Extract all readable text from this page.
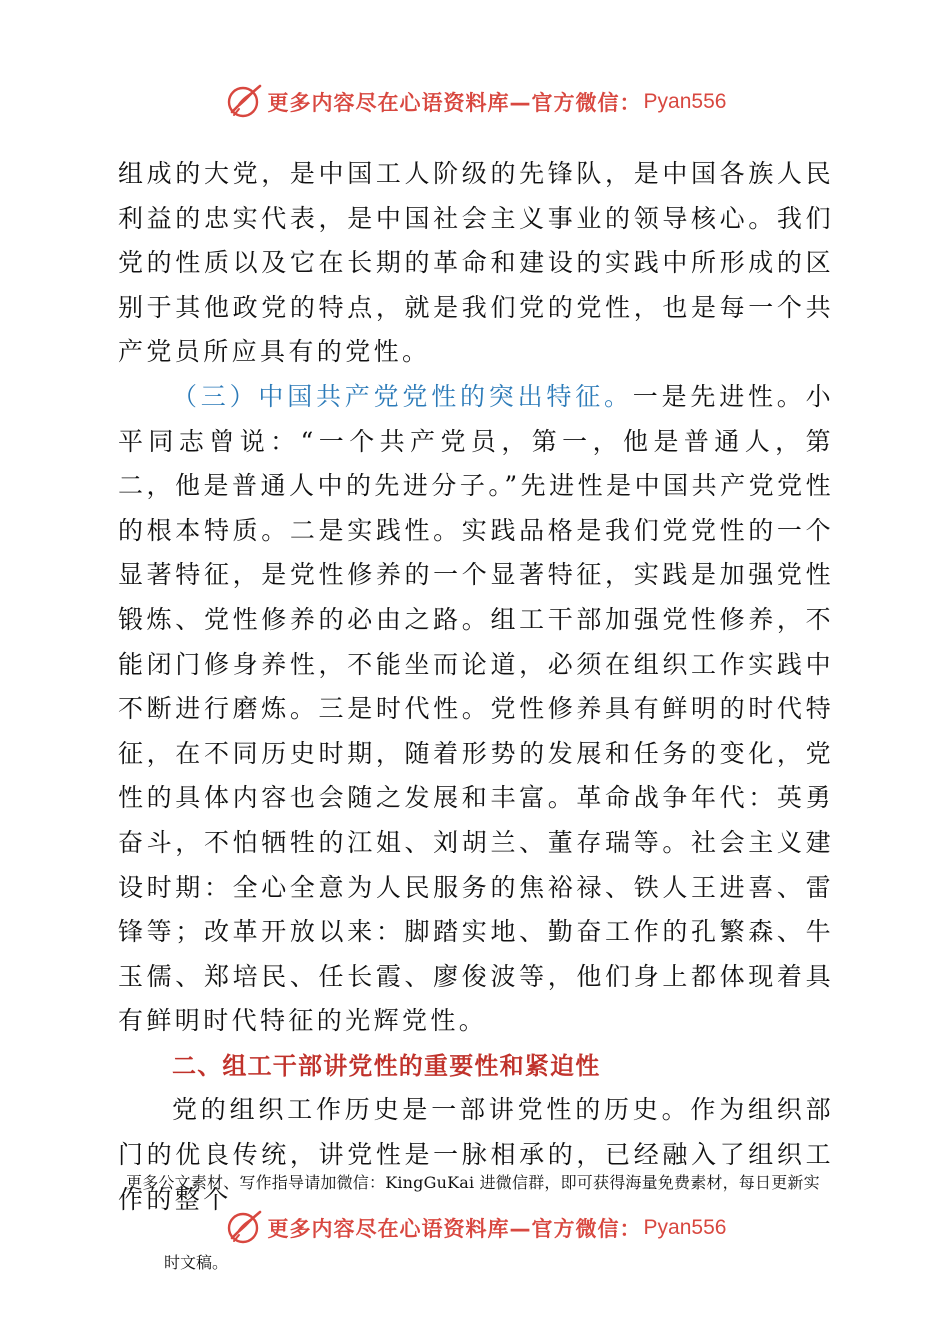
更多内容尽在心语资料库—官方微信： Pyan556

组成的大党，是中国工人阶级的先锋队，是中国各族人民利益的忠实代表，是中国社会主义事业的领导核心。我们党的性质以及它在长期的革命和建设的实践中所形成的区别于其他政党的特点，就是我们党的党性，也是每一个共产党员所应具有的党性。

（三）中国共产党党性的突出特征。一是先进性。小平同志曾说：“一个共产党员，第一，他是普通人，第二，他是普通人中的先进分子。”先进性是中国共产党党性的根本特质。二是实践性。实践品格是我们党党性的一个显著特征，是党性修养的一个显著特征，实践是加强党性锻炼、党性修养的必由之路。组工干部加强党性修养，不能闭门修身养性，不能坐而论道，必须在组织工作实践中不断进行磨炼。三是时代性。党性修养具有鲜明的时代特征，在不同历史时期，随着形势的发展和任务的变化，党性的具体内容也会随之发展和丰富。革命战争年代：英勇奋斗，不怕牺牲的江姐、刘胡兰、董存瑞等。社会主义建设时期：全心全意为人民服务的焦裕禄、铁人王进喜、雷锋等；改革开放以来：脚踏实地、勤奋工作的孔繁森、牛玉儒、郑培民、任长霞、廖俊波等，他们身上都体现着具有鲜明时代特征的光辉党性。

二、组工干部讲党性的重要性和紧迫性

党的组织工作历史是一部讲党性的历史。作为组织部门的优良传统，讲党性是一脉相承的，已经融入了组织工作的整个

更多公文素材、写作指导请加微信：KingGuKai 进微信群，即可获得海量免费素材，每日更新实
更多内容尽在心语资料库—官方微信： Pyan556
时文稿。
